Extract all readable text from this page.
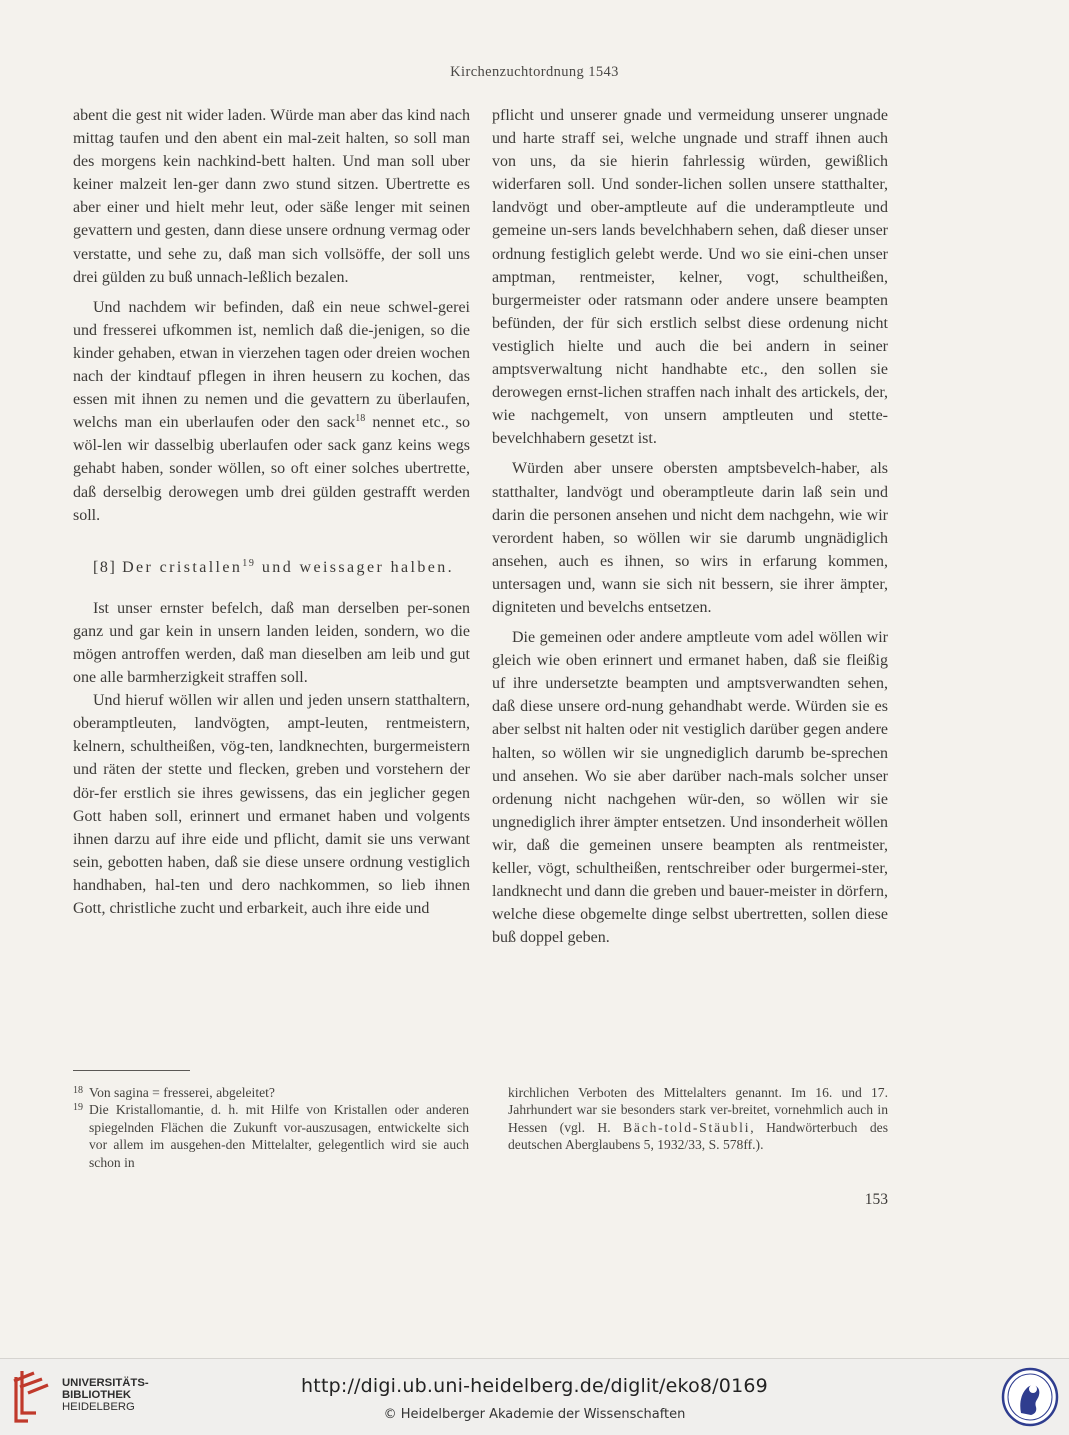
Kirchenzuchtordnung 1543

abent die gest nit wider laden. Würde man aber das kind nach mittag taufen und den abent ein mal-zeit halten, so soll man des morgens kein nachkind-bett halten. Und man soll uber keiner malzeit len-ger dann zwo stund sitzen. Ubertrette es aber einer und hielt mehr leut, oder säße lenger mit seinen gevattern und gesten, dann diese unsere ordnung vermag oder verstatte, und sehe zu, daß man sich vollsöffe, der soll uns drei gülden zu buß unnach-leßlich bezalen.

Und nachdem wir befinden, daß ein neue schwel-gerei und fresserei ufkommen ist, nemlich daß die-jenigen, so die kinder gehaben, etwan in vierzehen tagen oder dreien wochen nach der kindtauf pflegen in ihren heusern zu kochen, das essen mit ihnen zu nemen und die gevattern zu überlaufen, welchs man ein uberlaufen oder den sack$^{18}$ nennet etc., so wöl-len wir dasselbig uberlaufen oder sack ganz keins wegs gehabt haben, sonder wöllen, so oft einer solches ubertrette, daß derselbig derowegen umb drei gülden gestrafft werden soll.

[8] Der cristallen$^{19}$ und weissager halben.

Ist unser ernster befelch, daß man derselben per-sonen ganz und gar kein in unsern landen leiden, sondern, wo die mögen antroffen werden, daß man dieselben am leib und gut one alle barmherzigkeit straffen soll.

Und hieruf wöllen wir allen und jeden unsern statthaltern, oberamptleuten, landvögten, ampt-leuten, rentmeistern, kelnern, schultheißen, vög-ten, landknechten, burgermeistern und räten der stette und flecken, greben und vorstehern der dör-fer erstlich sie ihres gewissens, das ein jeglicher gegen Gott haben soll, erinnert und ermanet haben und volgents ihnen darzu auf ihre eide und pflicht, damit sie uns verwant sein, gebotten haben, daß sie diese unsere ordnung vestiglich handhaben, hal-ten und dero nachkommen, so lieb ihnen Gott, christliche zucht und erbarkeit, auch ihre eide und

pflicht und unserer gnade und vermeidung unserer ungnade und harte straff sei, welche ungnade und straff ihnen auch von uns, da sie hierin fahrlessig würden, gewißlich widerfaren soll. Und sonder-lichen sollen unsere statthalter, landvögt und ober-amptleute auf die underamptleute und gemeine un-sers lands bevelchhabern sehen, daß dieser unser ordnung festiglich gelebt werde. Und wo sie eini-chen unser amptman, rentmeister, kelner, vogt, schultheißen, burgermeister oder ratsmann oder andere unsere beampten befünden, der für sich erstlich selbst diese ordenung nicht vestiglich hielte und auch die bei andern in seiner amptsverwaltung nicht handhabte etc., den sollen sie derowegen ernst-lichen straffen nach inhalt des artickels, der, wie nachgemelt, von unsern amptleuten und stette-bevelchhabern gesetzt ist.

Würden aber unsere obersten amptsbevelch-haber, als statthalter, landvögt und oberamptleute darin laß sein und darin die personen ansehen und nicht dem nachgehn, wie wir verordent haben, so wöllen wir sie darumb ungnädiglich ansehen, auch es ihnen, so wirs in erfarung kommen, untersagen und, wann sie sich nit bessern, sie ihrer ämpter, digniteten und bevelchs entsetzen.

Die gemeinen oder andere amptleute vom adel wöllen wir gleich wie oben erinnert und ermanet haben, daß sie fleißig uf ihre undersetzte beampten und amptsverwandten sehen, daß diese unsere ord-nung gehandhabt werde. Würden sie es aber selbst nit halten oder nit vestiglich darüber gegen andere halten, so wöllen wir sie ungnediglich darumb be-sprechen und ansehen. Wo sie aber darüber nach-mals solcher unser ordenung nicht nachgehen wür-den, so wöllen wir sie ungnediglich ihrer ämpter entsetzen. Und insonderheit wöllen wir, daß die gemeinen unsere beampten als rentmeister, keller, vögt, schultheißen, rentschreiber oder burgermei-ster, landknecht und dann die greben und bauer-meister in dörfern, welche diese obgemelte dinge selbst ubertretten, sollen diese buß doppel geben.

18 Von sagina = fresserei, abgeleitet?
19 Die Kristallomantie, d. h. mit Hilfe von Kristallen oder anderen spiegelnden Flächen die Zukunft vor-auszusagen, entwickelte sich vor allem im ausgehen-den Mittelalter, gelegentlich wird sie auch schon in

kirchlichen Verboten des Mittelalters genannt. Im 16. und 17. Jahrhundert war sie besonders stark ver-breitet, vornehmlich auch in Hessen (vgl. H. Bäch-told-Stäubli, Handwörterbuch des deutschen Aberglaubens 5, 1932/33, S. 578ff.).

153
UNIVERSITÄTS-
BIBLIOTHEK
HEIDELBERG
http://digi.ub.uni-heidelberg.de/diglit/eko8/0169
© Heidelberger Akademie der Wissenschaften
